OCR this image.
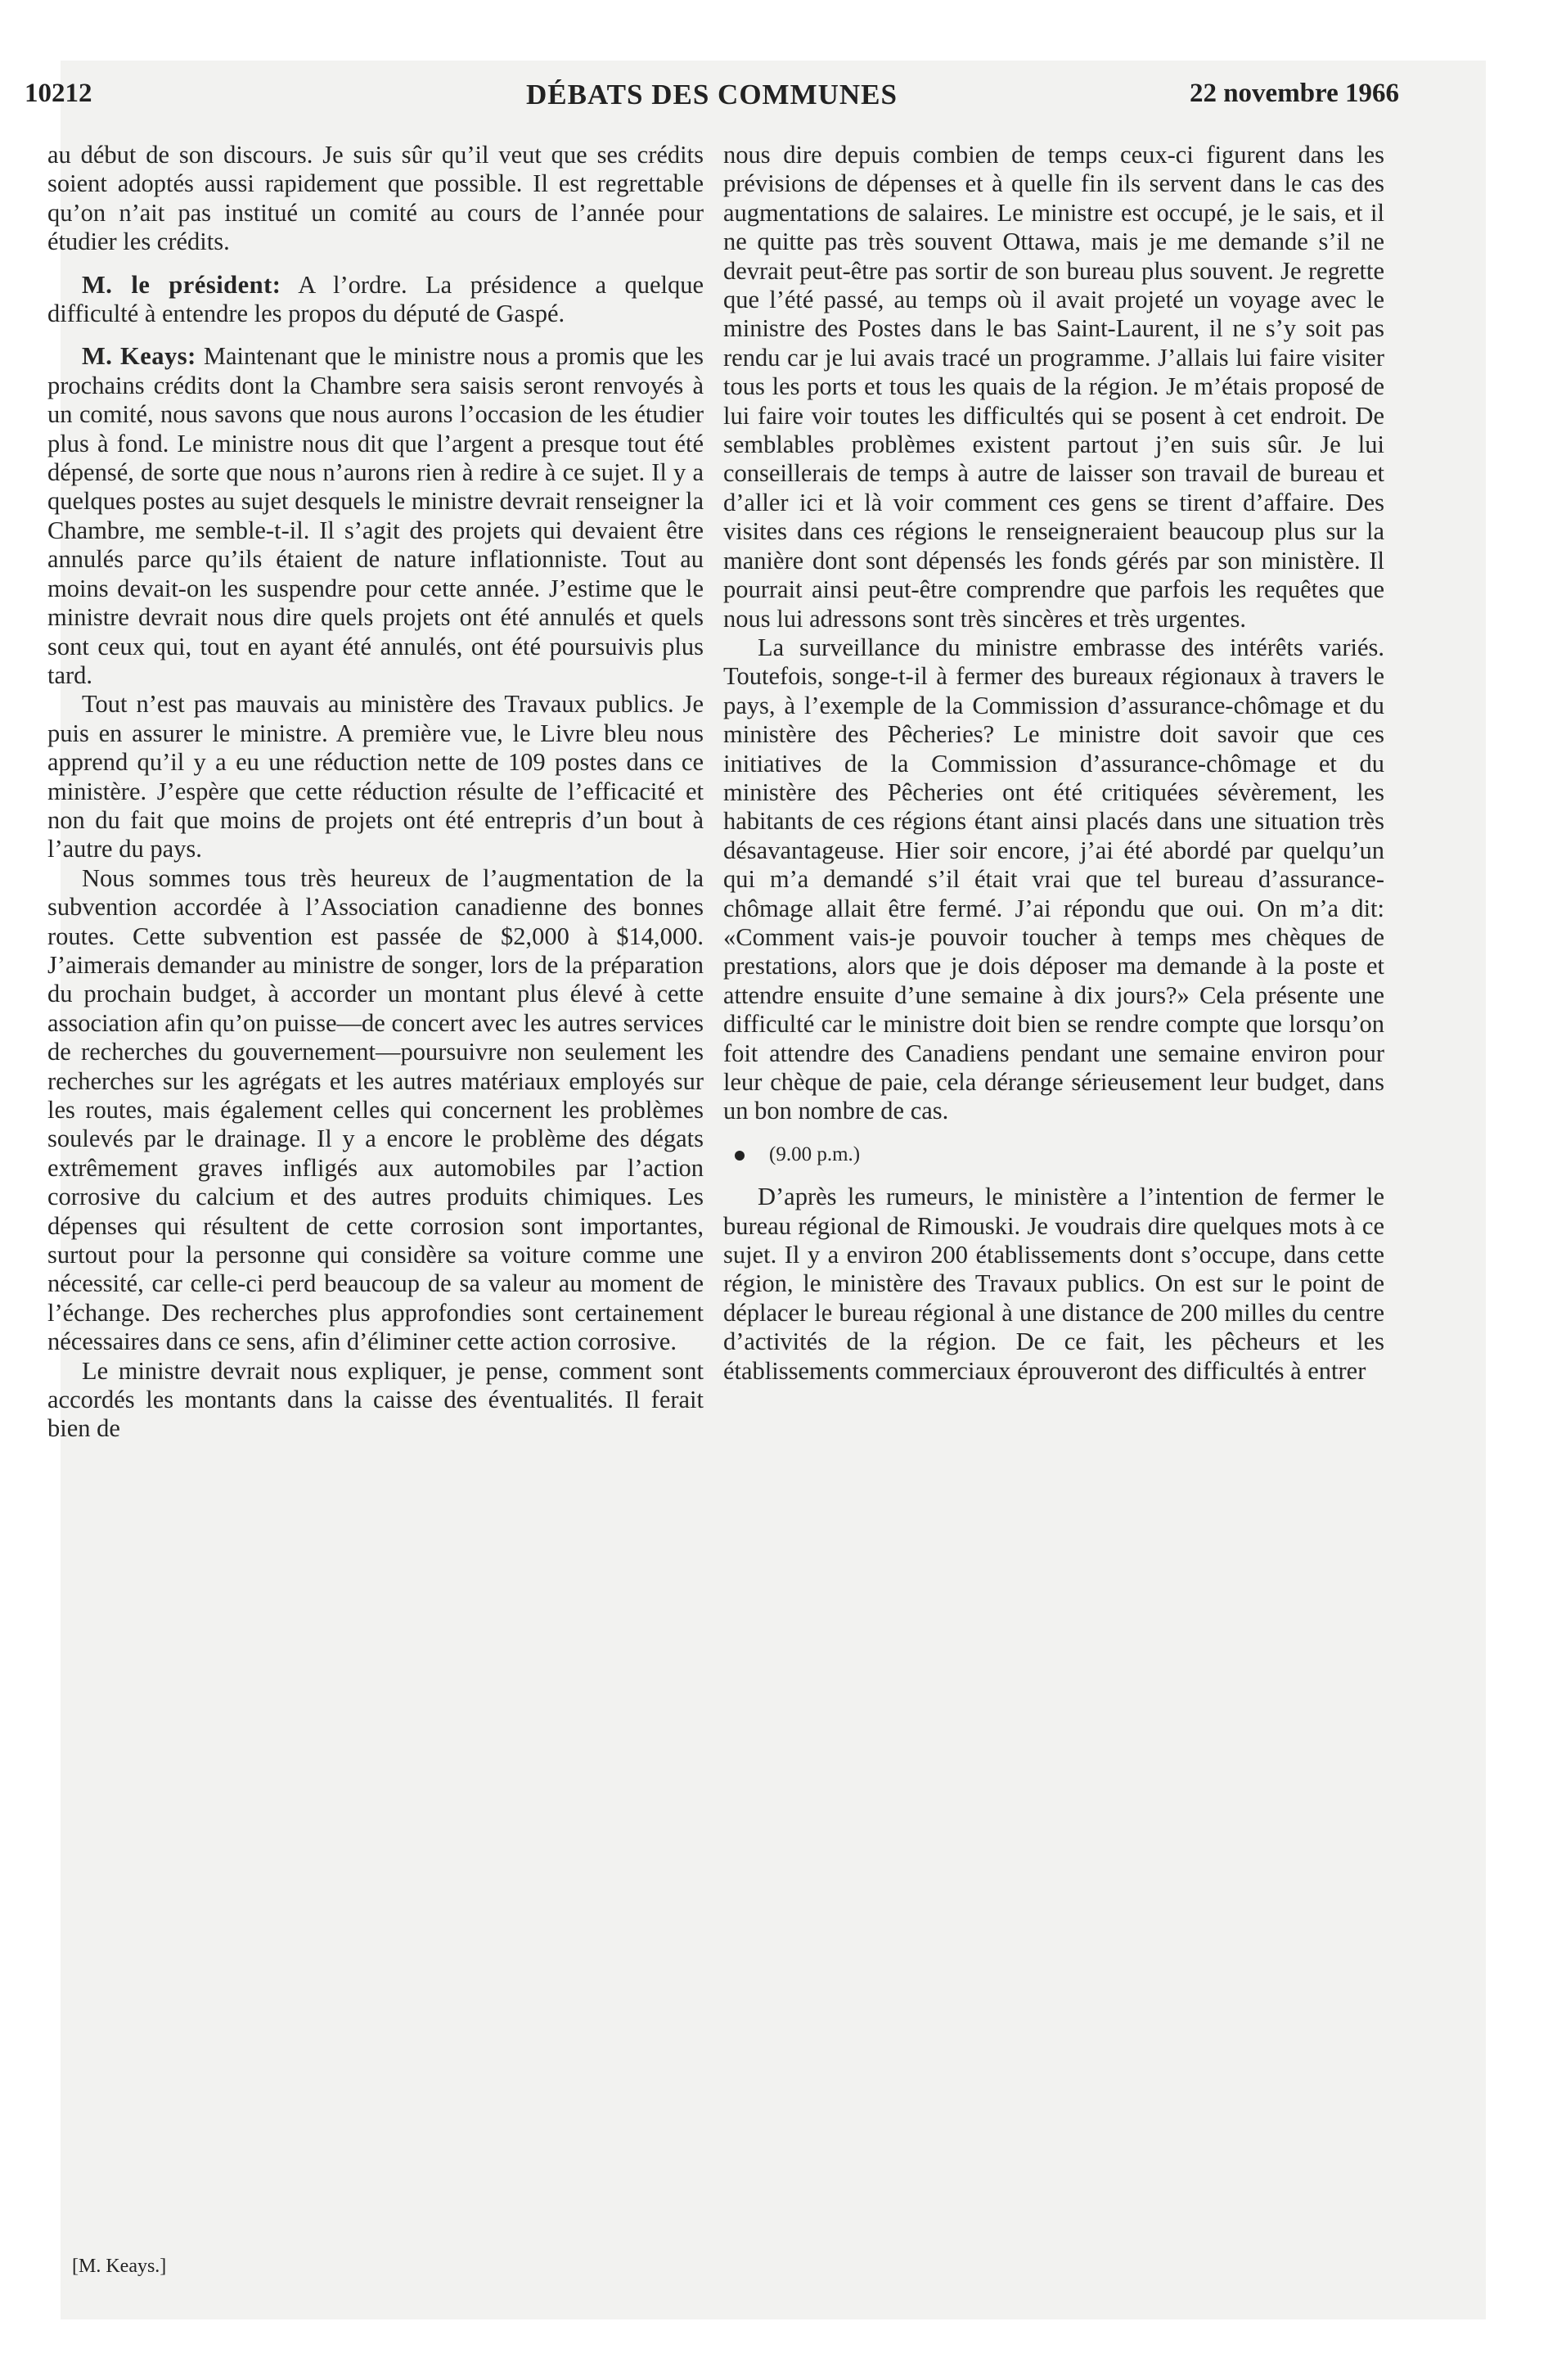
10212	DÉBATS DES COMMUNES	22 novembre 1966

au début de son discours. Je suis sûr qu’il veut que ses crédits soient adoptés aussi rapidement que possible. Il est regrettable qu’on n’ait pas institué un comité au cours de l’année pour étudier les crédits.

M. le président: A l’ordre. La présidence a quelque difficulté à entendre les propos du député de Gaspé.

M. Keays: Maintenant que le ministre nous a promis que les prochains crédits dont la Chambre sera saisis seront renvoyés à un comité, nous savons que nous aurons l’occasion de les étudier plus à fond. Le ministre nous dit que l’argent a presque tout été dépensé, de sorte que nous n’aurons rien à redire à ce sujet. Il y a quelques postes au sujet desquels le ministre devrait renseigner la Chambre, me semble-t-il. Il s’agit des projets qui devaient être annulés parce qu’ils étaient de nature inflationniste. Tout au moins devait-on les suspendre pour cette année. J’estime que le ministre devrait nous dire quels projets ont été annulés et quels sont ceux qui, tout en ayant été annulés, ont été poursuivis plus tard.

Tout n’est pas mauvais au ministère des Travaux publics. Je puis en assurer le ministre. A première vue, le Livre bleu nous apprend qu’il y a eu une réduction nette de 109 postes dans ce ministère. J’espère que cette réduction résulte de l’efficacité et non du fait que moins de projets ont été entrepris d’un bout à l’autre du pays.

Nous sommes tous très heureux de l’augmentation de la subvention accordée à l’Association canadienne des bonnes routes. Cette subvention est passée de $2,000 à $14,000. J’aimerais demander au ministre de songer, lors de la préparation du prochain budget, à accorder un montant plus élevé à cette association afin qu’on puisse—de concert avec les autres services de recherches du gouvernement—poursuivre non seulement les recherches sur les agrégats et les autres matériaux employés sur les routes, mais également celles qui concernent les problèmes soulevés par le drainage. Il y a encore le problème des dégats extrêmement graves infligés aux automobiles par l’action corrosive du calcium et des autres produits chimiques. Les dépenses qui résultent de cette corrosion sont importantes, surtout pour la personne qui considère sa voiture comme une nécessité, car celle-ci perd beaucoup de sa valeur au moment de l’échange. Des recherches plus approfondies sont certainement nécessaires dans ce sens, afin d’éliminer cette action corrosive.

Le ministre devrait nous expliquer, je pense, comment sont accordés les montants dans la caisse des éventualités. Il ferait bien de

nous dire depuis combien de temps ceux-ci figurent dans les prévisions de dépenses et à quelle fin ils servent dans le cas des augmentations de salaires. Le ministre est occupé, je le sais, et il ne quitte pas très souvent Ottawa, mais je me demande s’il ne devrait peut-être pas sortir de son bureau plus souvent. Je regrette que l’été passé, au temps où il avait projeté un voyage avec le ministre des Postes dans le bas Saint-Laurent, il ne s’y soit pas rendu car je lui avais tracé un programme. J’allais lui faire visiter tous les ports et tous les quais de la région. Je m’étais proposé de lui faire voir toutes les difficultés qui se posent à cet endroit. De semblables problèmes existent partout j’en suis sûr. Je lui conseillerais de temps à autre de laisser son travail de bureau et d’aller ici et là voir comment ces gens se tirent d’affaire. Des visites dans ces régions le renseigneraient beaucoup plus sur la manière dont sont dépensés les fonds gérés par son ministère. Il pourrait ainsi peut-être comprendre que parfois les requêtes que nous lui adressons sont très sincères et très urgentes.

La surveillance du ministre embrasse des intérêts variés. Toutefois, songe-t-il à fermer des bureaux régionaux à travers le pays, à l’exemple de la Commission d’assurance-chômage et du ministère des Pêcheries? Le ministre doit savoir que ces initiatives de la Commission d’assurance-chômage et du ministère des Pêcheries ont été critiquées sévèrement, les habitants de ces régions étant ainsi placés dans une situation très désavantageuse. Hier soir encore, j’ai été abordé par quelqu’un qui m’a demandé s’il était vrai que tel bureau d’assurance-chômage allait être fermé. J’ai répondu que oui. On m’a dit: «Comment vais-je pouvoir toucher à temps mes chèques de prestations, alors que je dois déposer ma demande à la poste et attendre ensuite d’une semaine à dix jours?» Cela présente une difficulté car le ministre doit bien se rendre compte que lorsqu’on foit attendre des Canadiens pendant une semaine environ pour leur chèque de paie, cela dérange sérieusement leur budget, dans un bon nombre de cas.

(9.00 p.m.)

D’après les rumeurs, le ministère a l’intention de fermer le bureau régional de Rimouski. Je voudrais dire quelques mots à ce sujet. Il y a environ 200 établissements dont s’occupe, dans cette région, le ministère des Travaux publics. On est sur le point de déplacer le bureau régional à une distance de 200 milles du centre d’activités de la région. De ce fait, les pêcheurs et les établissements commerciaux éprouveront des difficultés à entrer

[M. Keays.]
